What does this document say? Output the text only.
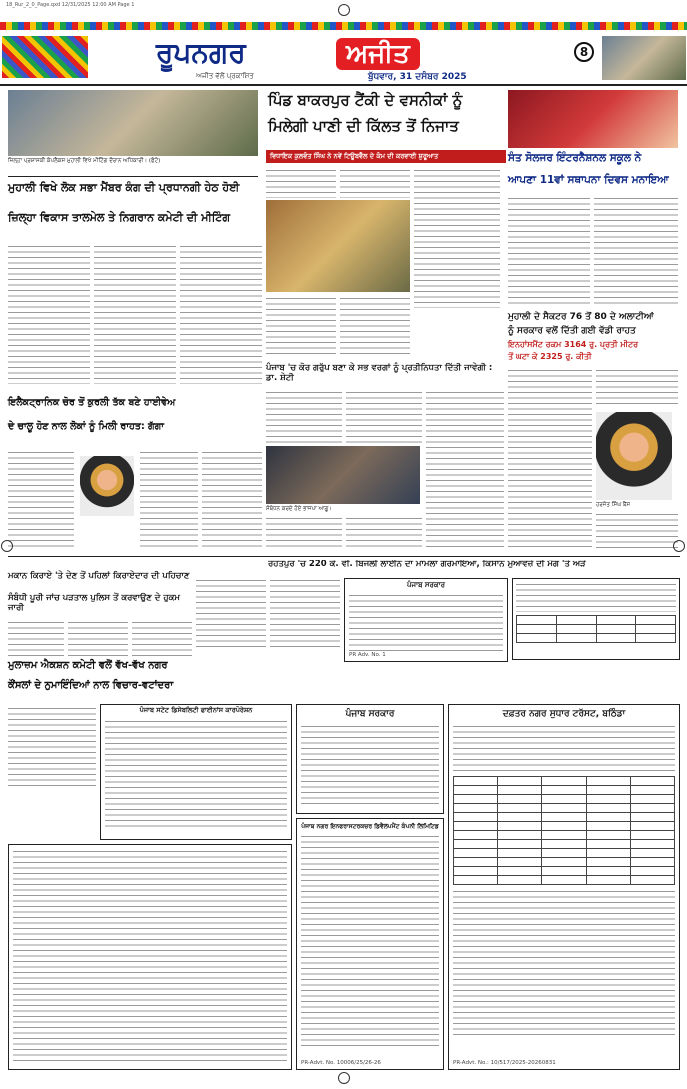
18_Rur_2_0_Page.qxd 12/31/2025 12:00 AM Page 1
ਰੂਪਨਗਰ	ਅਜੀਤ
ਅਜੀਤ ਵੱਲੋਂ ਪ੍ਰਕਾਸ਼ਿਤ	ਬੁੱਧਵਾਰ, 31 ਦਸੰਬਰ 2025
8
ਜ਼ਿਲ੍ਹਾ ਪ੍ਰਸ਼ਾਸਕੀ ਕੰਪਲੈਕਸ ਮੁਹਾਲੀ ਵਿਖੇ ਮੀਟਿੰਗ ਦੌਰਾਨ ਅਧਿਕਾਰੀ। (ਫੋਟੋ)
ਮੁਹਾਲੀ ਵਿਖੇ ਲੋਕ ਸਭਾ ਮੈਂਬਰ ਕੰਗ ਦੀ ਪ੍ਰਧਾਨਗੀ ਹੇਠ ਹੋਈ
ਜ਼ਿਲ੍ਹਾ ਵਿਕਾਸ ਤਾਲਮੇਲ ਤੇ ਨਿਗਰਾਨ ਕਮੇਟੀ ਦੀ ਮੀਟਿੰਗ
ਇਲੈਕਟ੍ਰਾਨਿਕ ਚੋਰ ਤੋਂ ਕੁਰਲੀ ਤੱਕ ਬਣੇ ਹਾਈਵੇਅ
ਦੇ ਚਾਲੂ ਹੋਣ ਨਾਲ ਲੋਕਾਂ ਨੂੰ ਮਿਲੀ ਰਾਹਤ: ਗੱਗਾ
ਪਿੰਡ ਬਾਕਰਪੁਰ ਟੈਂਕੀ ਦੇ ਵਸਨੀਕਾਂ ਨੂੰ
ਮਿਲੇਗੀ ਪਾਣੀ ਦੀ ਕਿੱਲਤ ਤੋਂ ਨਿਜਾਤ
ਵਿਧਾਇਕ ਕੁਲਵੰਤ ਸਿੰਘ ਨੇ ਨਵੇਂ ਟਿਊਬਵੈੱਲ ਦੇ ਕੰਮ ਦੀ ਕਰਵਾਈ ਸ਼ੁਰੂਆਤ	ਸੰਤ ਸੋਲਜਰ ਇੰਟਰਨੈਸ਼ਨਲ ਸਕੂਲ ਨੇ
ਆਪਣਾ 11ਵਾਂ ਸਥਾਪਨਾ ਦਿਵਸ ਮਨਾਇਆ
ਮੁਹਾਲੀ ਦੇ ਸੈਕਟਰ 76 ਤੋਂ 80 ਦੇ ਅਲਾਟੀਆਂ
ਨੂੰ ਸਰਕਾਰ ਵਲੋਂ ਦਿੱਤੀ ਗਈ ਵੱਡੀ ਰਾਹਤ
ਇਨਹਾਂਸਮੈਂਟ ਰਕਮ 3164 ਰੁ. ਪ੍ਰਤੀ ਮੀਟਰ
ਤੋਂ ਘਟਾ ਕੇ 2325 ਰੁ. ਕੀਤੀ
ਹਰਜੋਤ ਸਿੰਘ ਬੈਂਸ
ਪੰਜਾਬ 'ਚ ਕੋਰ ਗਰੁੱਪ ਬਣਾ ਕੇ ਸਭ ਵਰਗਾਂ ਨੂੰ ਪ੍ਰਤੀਨਿਧਤਾ ਦਿੱਤੀ ਜਾਵੇਗੀ : ਡਾ. ਸ਼ੇਟੀ
ਸੰਬੋਧਨ ਕਰਦੇ ਹੋਏ ਭਾਜਪਾ ਆਗੂ।
ਰੋਹਤਪੁਰ 'ਚ 220 ਕੇ. ਵੀ. ਬਿਜਲੀ ਲਾਈਨ ਦਾ ਮਾਮਲਾ ਗਰਮਾਇਆ, ਕਿਸਾਨ ਮੁਆਵਜ਼ੇ ਦੀ ਮੰਗ 'ਤੇ ਅੜੇ
ਮਕਾਨ ਕਿਰਾਏ 'ਤੇ ਦੇਣ ਤੋਂ ਪਹਿਲਾਂ ਕਿਰਾਏਦਾਰ ਦੀ ਪਹਿਚਾਣ
ਸੰਬੰਧੀ ਪੂਰੀ ਜਾਂਚ ਪੜਤਾਲ ਪੁਲਿਸ ਤੋਂ ਕਰਵਾਉਣ ਦੇ ਹੁਕਮ ਜਾਰੀ
ਮੁਲਾਜ਼ਮ ਐਕਸ਼ਨ ਕਮੇਟੀ ਵਲੋਂ ਵੱਖ-ਵੱਖ ਨਗਰ
ਕੌਂਸਲਾਂ ਦੇ ਨੁਮਾਇੰਦਿਆਂ ਨਾਲ ਵਿਚਾਰ-ਵਟਾਂਦਰਾ
ਪੰਜਾਬ ਸਰਕਾਰ
PR Adv. No. 1

ਪੰਜਾਬ ਸਟੇਟ ਡਿਸੇਬਲਿਟੀ ਫਾਈਨਾਂਸ ਕਾਰਪੋਰੇਸ਼ਨ	ਪੰਜਾਬ ਸਰਕਾਰ
ਪੰਜਾਬ ਨਗਰ ਇਨਫਰਾਸਟਰਕਚਰ ਡਿਵੈਲਪਮੈਂਟ ਕੰਪਨੀ ਲਿਮਿਟਿਡ
PR-Advt. No. 10006/25/26-26
ਦਫ਼ਤਰ ਨਗਰ ਸੁਧਾਰ ਟਰੱਸਟ, ਬਠਿੰਡਾ

PR-Advt. No.: 10/517/2025-20260831
